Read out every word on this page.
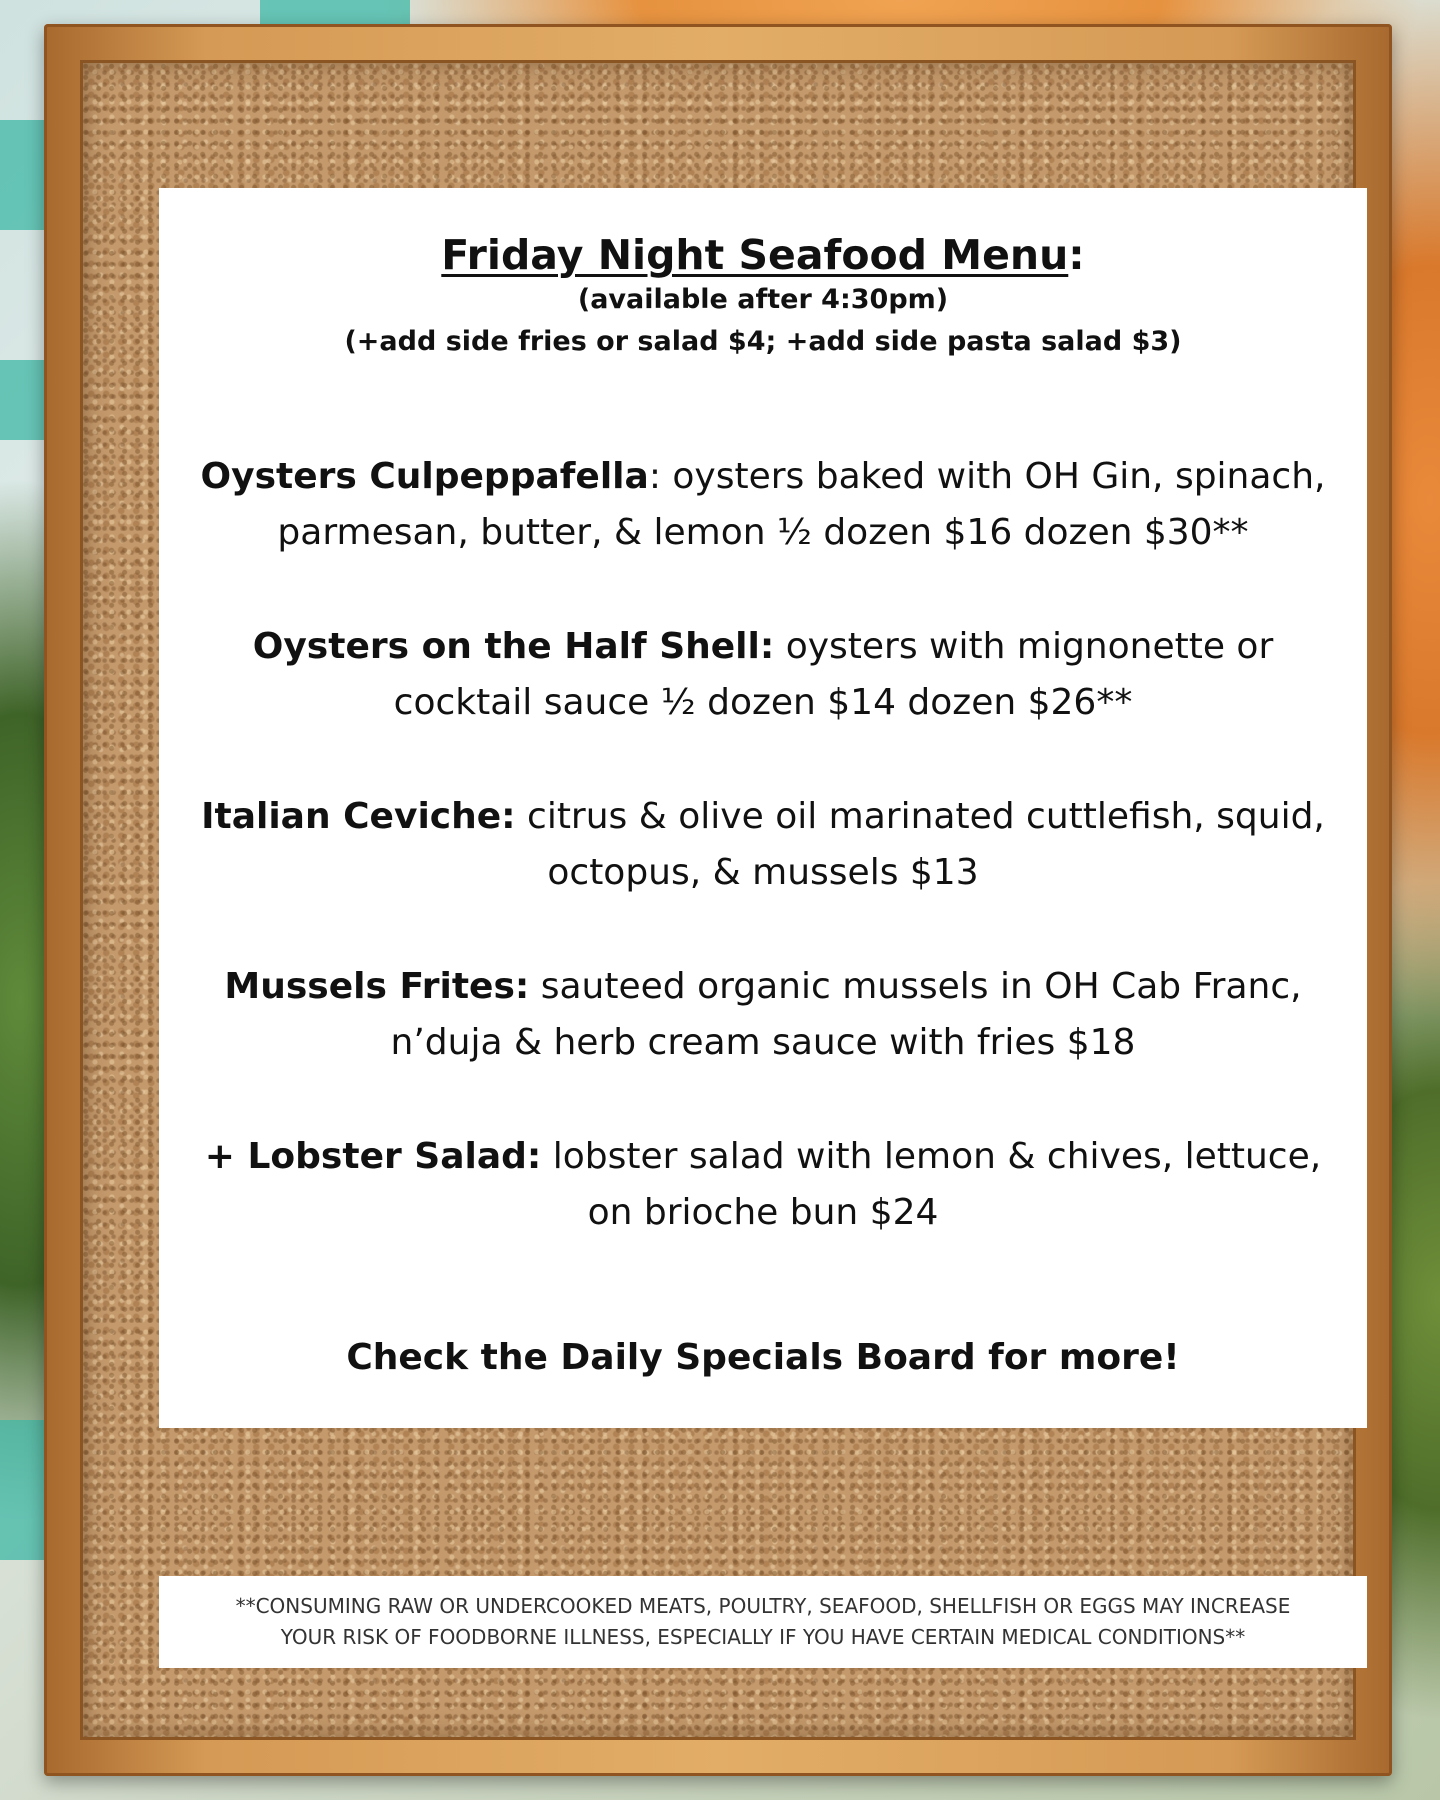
Friday Night Seafood Menu:

(available after 4:30pm)

(+add side fries or salad $4; +add side pasta salad $3)

Oysters Culpeppafella: oysters baked with OH Gin, spinach,
parmesan, butter, & lemon ½ dozen $16 dozen $30**

Oysters on the Half Shell: oysters with mignonette or
cocktail sauce ½ dozen $14 dozen $26**

Italian Ceviche: citrus & olive oil marinated cuttlefish, squid,
octopus, & mussels $13

Mussels Frites: sauteed organic mussels in OH Cab Franc,
n’duja & herb cream sauce with fries $18

+ Lobster Salad: lobster salad with lemon & chives, lettuce,
on brioche bun $24

Check the Daily Specials Board for more!

**CONSUMING RAW OR UNDERCOOKED MEATS, POULTRY, SEAFOOD, SHELLFISH OR EGGS MAY INCREASE
YOUR RISK OF FOODBORNE ILLNESS, ESPECIALLY IF YOU HAVE CERTAIN MEDICAL CONDITIONS**
